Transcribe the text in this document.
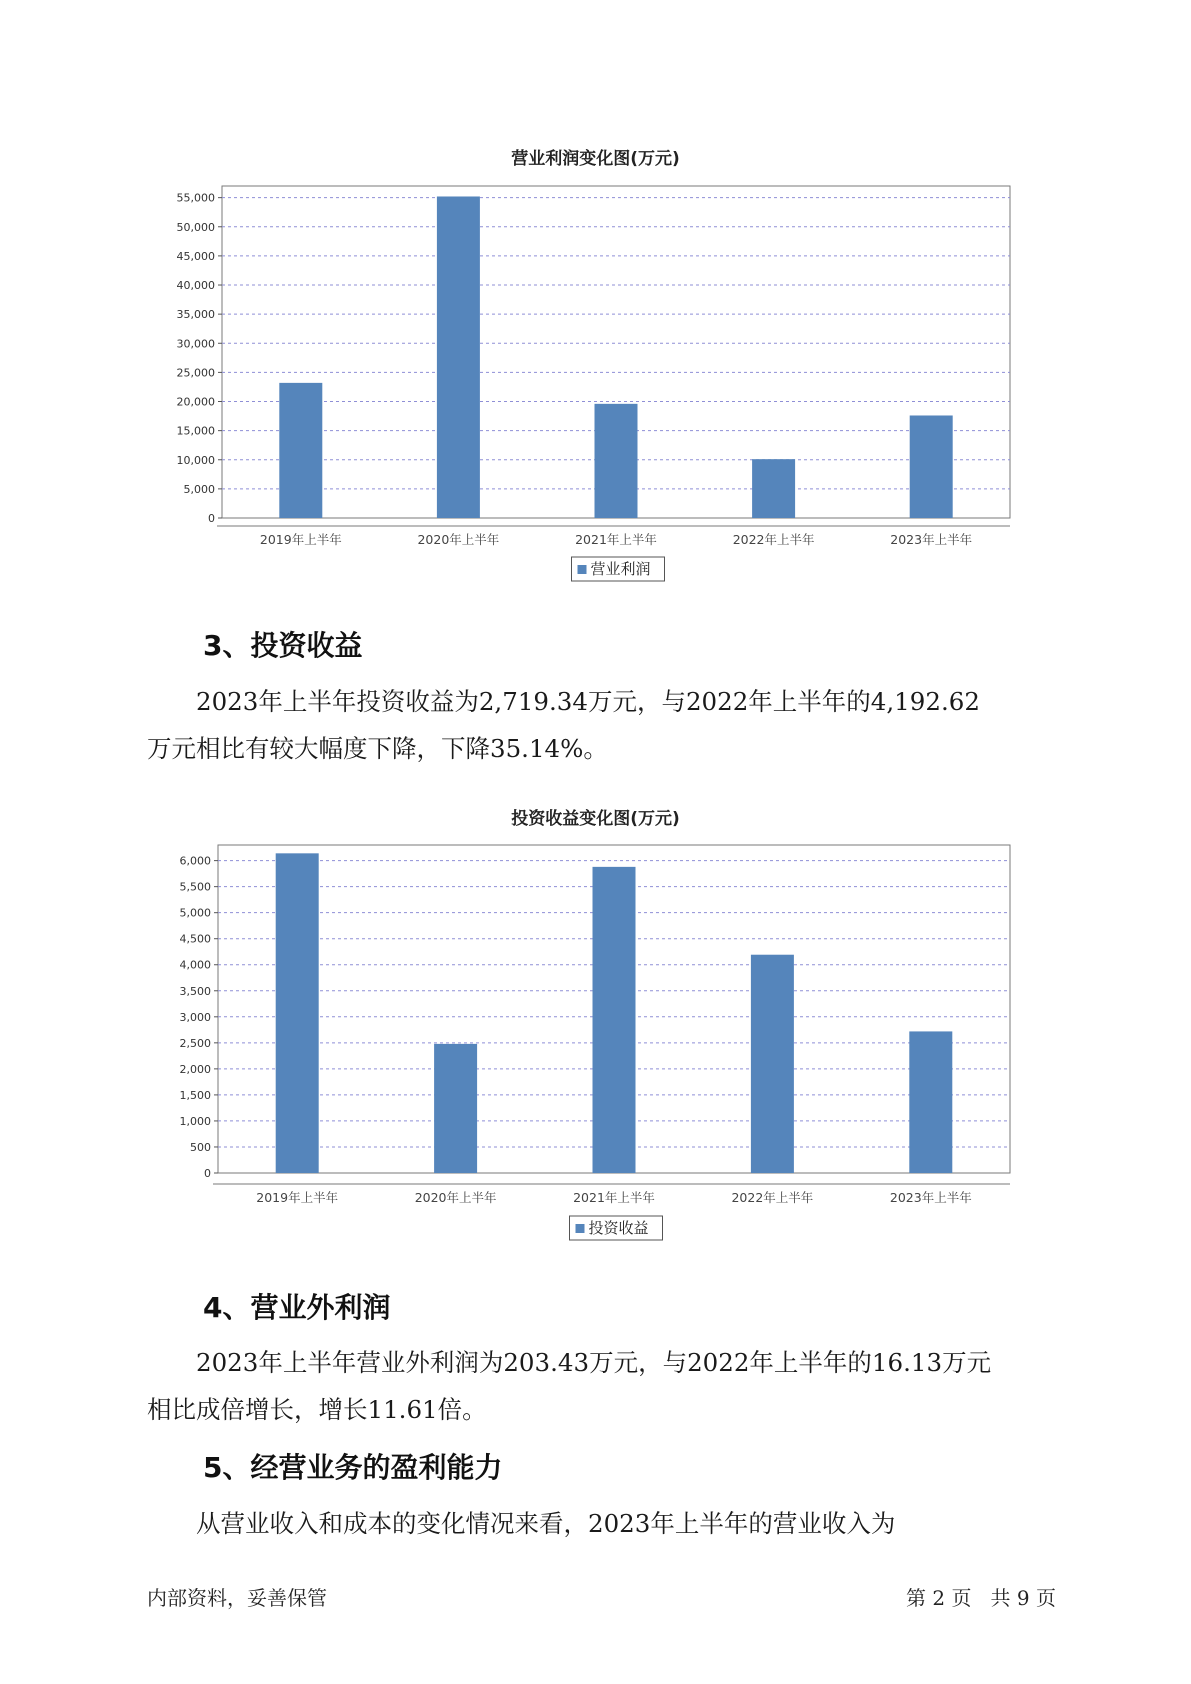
营业利润变化图(万元)
0
5,000
10,000
15,000
20,000
25,000
30,000
35,000
40,000
45,000
50,000
55,000
2019年上半年	2020年上半年	2021年上半年	2022年上半年	2023年上半年
营业利润
3、投资收益
2023年上半年投资收益为2,719.34万元，与2022年上半年的4,192.62
万元相比有较大幅度下降，下降35.14%。
投资收益变化图(万元)
0
500
1,000
1,500
2,000
2,500
3,000
3,500
4,000
4,500
5,000
5,500
6,000
2019年上半年	2020年上半年	2021年上半年	2022年上半年	2023年上半年
投资收益
4、营业外利润
2023年上半年营业外利润为203.43万元，与2022年上半年的16.13万元
相比成倍增长，增长11.61倍。
5、经营业务的盈利能力
从营业收入和成本的变化情况来看，2023年上半年的营业收入为
内部资料，妥善保管	第 2 页   共 9 页
